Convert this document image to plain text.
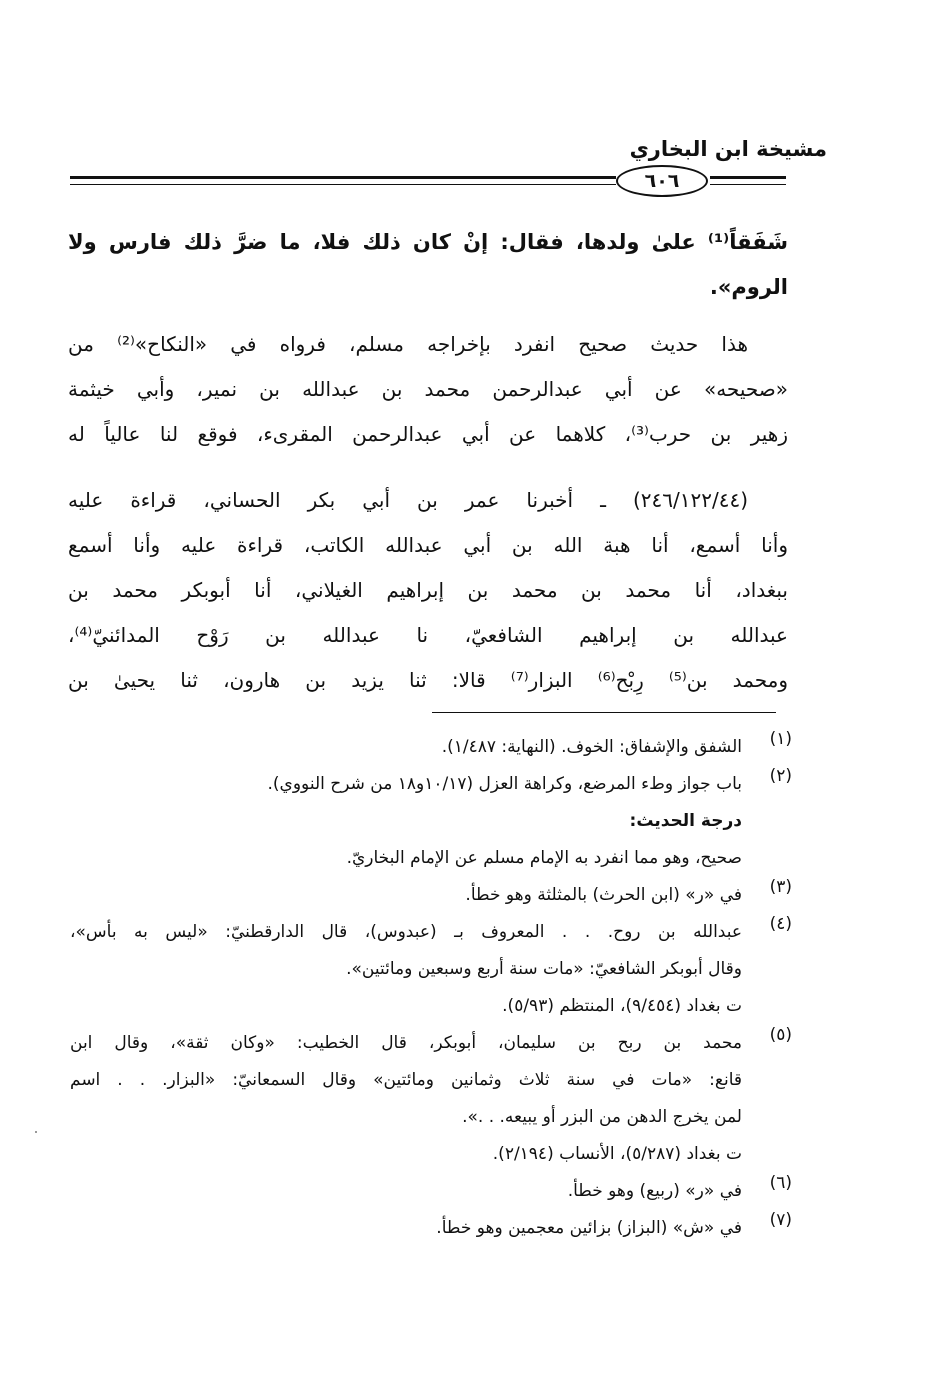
مشيخة ابن البخاري
٦٠٦
شَفَقاً⁽¹⁾ علىٰ ولدها، فقال: إنْ كان ذلك فلا، ما ضرَّ ذلك فارس ولا
الروم».
هذا حديث صحيح انفرد بإخراجه مسلم، فرواه في «النكاح»⁽²⁾ من
«صحيحه» عن أبي عبدالرحمن محمد بن عبدالله بن نمير، وأبي خيثمة
زهير بن حرب⁽³⁾، كلاهما عن أبي عبدالرحمن المقرىء، فوقع لنا عالياً له
(٢٤٦/١٢٢/٤٤) ـ أخبرنا عمر بن أبي بكر الحساني، قراءة عليه
وأنا أسمع، أنا هبة الله بن أبي عبدالله الكاتب، قراءة عليه وأنا أسمع
ببغداد، أنا محمد بن محمد بن إبراهيم الغيلاني، أنا أبوبكر محمد بن
عبدالله بن إبراهيم الشافعيّ، نا عبدالله بن رَوْح المدائنيّ⁽⁴⁾،
ومحمد بن⁽⁵⁾ رِبْح⁽⁶⁾ البزار⁽⁷⁾ قالا: ثنا يزيد بن هارون، ثنا يحيىٰ بن
(١)
الشفق والإشفاق: الخوف. (النهاية: ١/٤٨٧).
(٢)
باب جواز وطء المرضع، وكراهة العزل (١٠/١٧و١٨ من شرح النووي).
درجة الحديث:
صحيح، وهو مما انفرد به الإمام مسلم عن الإمام البخاريّ.
(٣)
في «ر» (ابن الحرث) بالمثلثة وهو خطأ.
(٤)
عبدالله بن روح. . . المعروف بـ (عبدوس)، قال الدارقطنيّ: «ليس به بأس»،
وقال أبوبكر الشافعيّ: «مات سنة أربع وسبعين ومائتين».
ت بغداد (٩/٤٥٤)، المنتظم (٥/٩٣).
(٥)
محمد بن ربح بن سليمان، أبوبكر، قال الخطيب: «وكان ثقة»، وقال ابن
قانع: «مات في سنة ثلاث وثمانين ومائتين» وقال السمعانيّ: «البزار. . . اسم
لمن يخرج الدهن من البزر أو يبيعه. . .».
ت بغداد (٥/٢٨٧)، الأنساب (٢/١٩٤).
(٦)
في «ر» (ربيع) وهو خطأ.
(٧)
في «ش» (البزاز) بزائين معجمين وهو خطأ.
